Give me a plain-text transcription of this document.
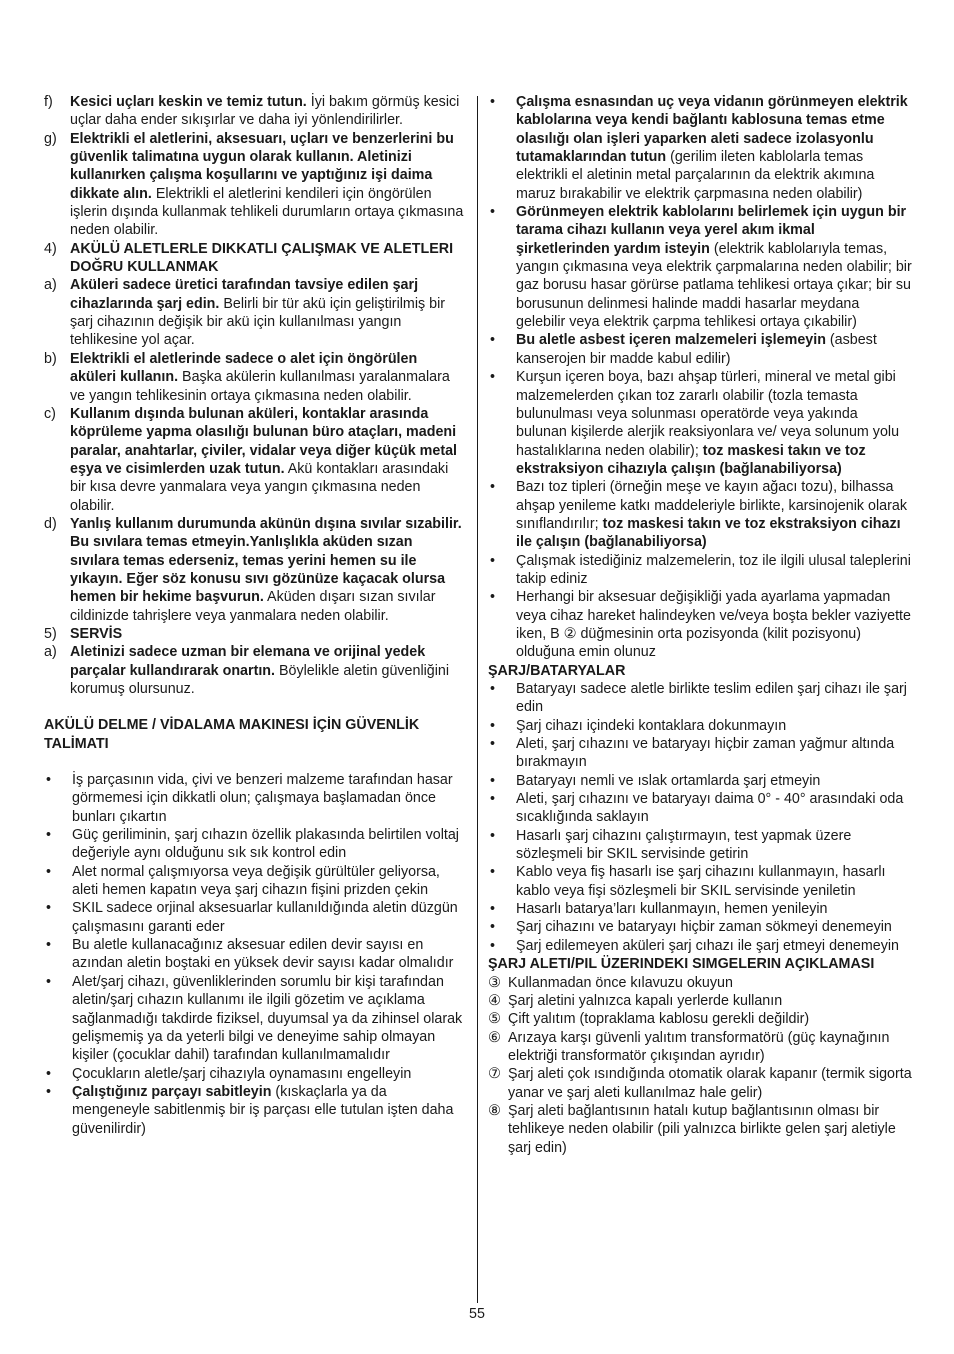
f) Kesici uçları keskin ve temiz tutun. İyi bakım görmüş kesici uçlar daha ender sıkışırlar ve daha iyi yönlendirilirler.

g) Elektrikli el aletlerini, aksesuarı, uçları ve benzerlerini bu güvenlik talimatına uygun olarak kullanın. Aletinizi kullanırken çalışma koşullarını ve yaptığınız işi daima dikkate alın. Elektrikli el aletlerini kendileri için öngörülen işlerin dışında kullanmak tehlikeli durumların ortaya çıkmasına neden olabilir.

4) AKÜLÜ ALETLERLE DIKKATLI ÇALIŞMAK VE ALETLERI DOĞRU KULLANMAK

a) Aküleri sadece üretici tarafından tavsiye edilen şarj cihazlarında şarj edin. Belirli bir tür akü için geliştirilmiş bir şarj cihazının değişik bir akü için kullanılması yangın tehlikesine yol açar.

b) Elektrikli el aletlerinde sadece o alet için öngörülen aküleri kullanın. Başka akülerin kullanılması yaralanmalara ve yangın tehlikesinin ortaya çıkmasına neden olabilir.

c) Kullanım dışında bulunan aküleri, kontaklar arasında köprüleme yapma olasılığı bulunan büro ataçları, madeni paralar, anahtarlar, çiviler, vidalar veya diğer küçük metal eşya ve cisimlerden uzak tutun. Akü kontakları arasındaki bir kısa devre yanmalara veya yangın çıkmasına neden olabilir.

d) Yanlış kullanım durumunda akünün dışına sıvılar sızabilir. Bu sıvılara temas etmeyin.Yanlışlıkla aküden sızan sıvılara temas ederseniz, temas yerini hemen su ile yıkayın. Eğer söz konusu sıvı gözünüze kaçacak olursa hemen bir hekime başvurun. Aküden dışarı sızan sıvılar cildinizde tahrişlere veya yanmalara neden olabilir.

5) SERVİS

a) Aletinizi sadece uzman bir elemana ve orijinal yedek parçalar kullandırarak onartın. Böylelikle aletin güvenliğini korumuş olursunuz.

AKÜLÜ DELME / VİDALAMA MAKINESI İÇİN GÜVENLİK TALİMATI

• İş parçasının vida, çivi ve benzeri malzeme tarafından hasar görmemesi için dikkatli olun; çalışmaya başlamadan önce bunları çıkartın

• Güç geriliminin, şarj cıhazın özellik plakasında belirtilen voltaj değeriyle aynı olduğunu sık sık kontrol edin

• Alet normal çalışmıyorsa veya değişik gürültüler geliyorsa, aleti hemen kapatın veya şarj cihazın fişini prizden çekin

• SKIL sadece orjinal aksesuarlar kullanıldığında aletin düzgün çalışmasını garanti eder

• Bu aletle kullanacağınız aksesuar edilen devir sayısı en azından aletin boştaki en yüksek devir sayısı kadar olmalıdır

• Alet/şarj cihazı, güvenliklerinden sorumlu bir kişi tarafından aletin/şarj cıhazın kullanımı ile ilgili gözetim ve açıklama sağlanmadığı takdirde fiziksel, duyumsal ya da zihinsel olarak gelişmemiş ya da yeterli bilgi ve deneyime sahip olmayan kişiler (çocuklar dahil) tarafından kullanılmamalıdır

• Çocukların aletle/şarj cihazıyla oynamasını engelleyin

• Çalıştığınız parçayı sabitleyin (kıskaçlarla ya da mengeneyle sabitlenmiş bir iş parçası elle tutulan işten daha güvenilirdir)

• Çalışma esnasından uç veya vidanın görünmeyen elektrik kablolarına veya kendi bağlantı kablosuna temas etme olasılığı olan işleri yaparken aleti sadece izolasyonlu tutamaklarından tutun (gerilim ileten kablolarla temas elektrikli el aletinin metal parçalarının da elektrik akımına maruz bırakabilir ve elektrik çarpmasına neden olabilir)

• Görünmeyen elektrik kablolarını belirlemek için uygun bir tarama cihazı kullanın veya yerel akım ikmal şirketlerinden yardım isteyin (elektrik kablolarıyla temas, yangın çıkmasına veya elektrik çarpmalarına neden olabilir; bir gaz borusu hasar görürse patlama tehlikesi ortaya çıkar; bir su borusunun delinmesi halinde maddi hasarlar meydana gelebilir veya elektrik çarpma tehlikesi ortaya çıkabilir)

• Bu aletle asbest içeren malzemeleri işlemeyin (asbest kanserojen bir madde kabul edilir)

• Kurşun içeren boya, bazı ahşap türleri, mineral ve metal gibi malzemelerden çıkan toz zararlı olabilir (tozla temasta bulunulması veya solunması operatörde veya yakında bulunan kişilerde alerjik reaksiyonlara ve/ veya solunum yolu hastalıklarına neden olabilir); toz maskesi takın ve toz ekstraksiyon cihazıyla çalışın (bağlanabiliyorsa)

• Bazı toz tipleri (örneğin meşe ve kayın ağacı tozu), bilhassa ahşap yenileme katkı maddeleriyle birlikte, karsinojenik olarak sınıflandırılır; toz maskesi takın ve toz ekstraksiyon cihazı ile çalışın (bağlanabiliyorsa)

• Çalışmak istediğiniz malzemelerin, toz ile ilgili ulusal taleplerini takip ediniz

• Herhangi bir aksesuar değişikliği yada ayarlama yapmadan veya cihaz hareket halindeyken ve/veya boşta bekler vaziyette iken, B ② düğmesinin orta pozisyonda (kilit pozisyonu) olduğuna emin olunuz

ŞARJ/BATARYALAR

• Bataryayı sadece aletle birlikte teslim edilen şarj cihazı ile şarj edin

• Şarj cihazı içindeki kontaklara dokunmayın

• Aleti, şarj cıhazını ve bataryayı hiçbir zaman yağmur altında bırakmayın

• Bataryayı nemli ve ıslak ortamlarda şarj etmeyin

• Aleti, şarj cıhazını ve bataryayı daima 0° - 40° arasındaki oda sıcaklığında saklayın

• Hasarlı şarj cihazını çalıştırmayın, test yapmak üzere sözleşmeli bir SKIL servisinde getirin

• Kablo veya fiş hasarlı ise şarj cihazını kullanmayın, hasarlı kablo veya fişi sözleşmeli bir SKIL servisinde yeniletin

• Hasarlı batarya’ları kullanmayın, hemen yenileyin

• Şarj cihazını ve bataryayı hiçbir zaman sökmeyi denemeyin

• Şarj edilemeyen aküleri şarj cıhazı ile şarj etmeyi denemeyin

ŞARJ ALETI/PIL ÜZERINDEKI SIMGELERIN AÇIKLAMASI

③ Kullanmadan önce kılavuzu okuyun

④ Şarj aletini yalnızca kapalı yerlerde kullanın

⑤ Çift yalıtım (topraklama kablosu gerekli değildir)

⑥ Arızaya karşı güvenli yalıtım transformatörü (güç kaynağının elektriği transformatör çıkışından ayrıdır)

⑦ Şarj aleti çok ısındığında otomatik olarak kapanır (termik sigorta yanar ve şarj aleti kullanılmaz hale gelir)

⑧ Şarj aleti bağlantısının hatalı kutup bağlantısının olması bir tehlikeye neden olabilir (pili yalnızca birlikte gelen şarj aletiyle şarj edin)

55
